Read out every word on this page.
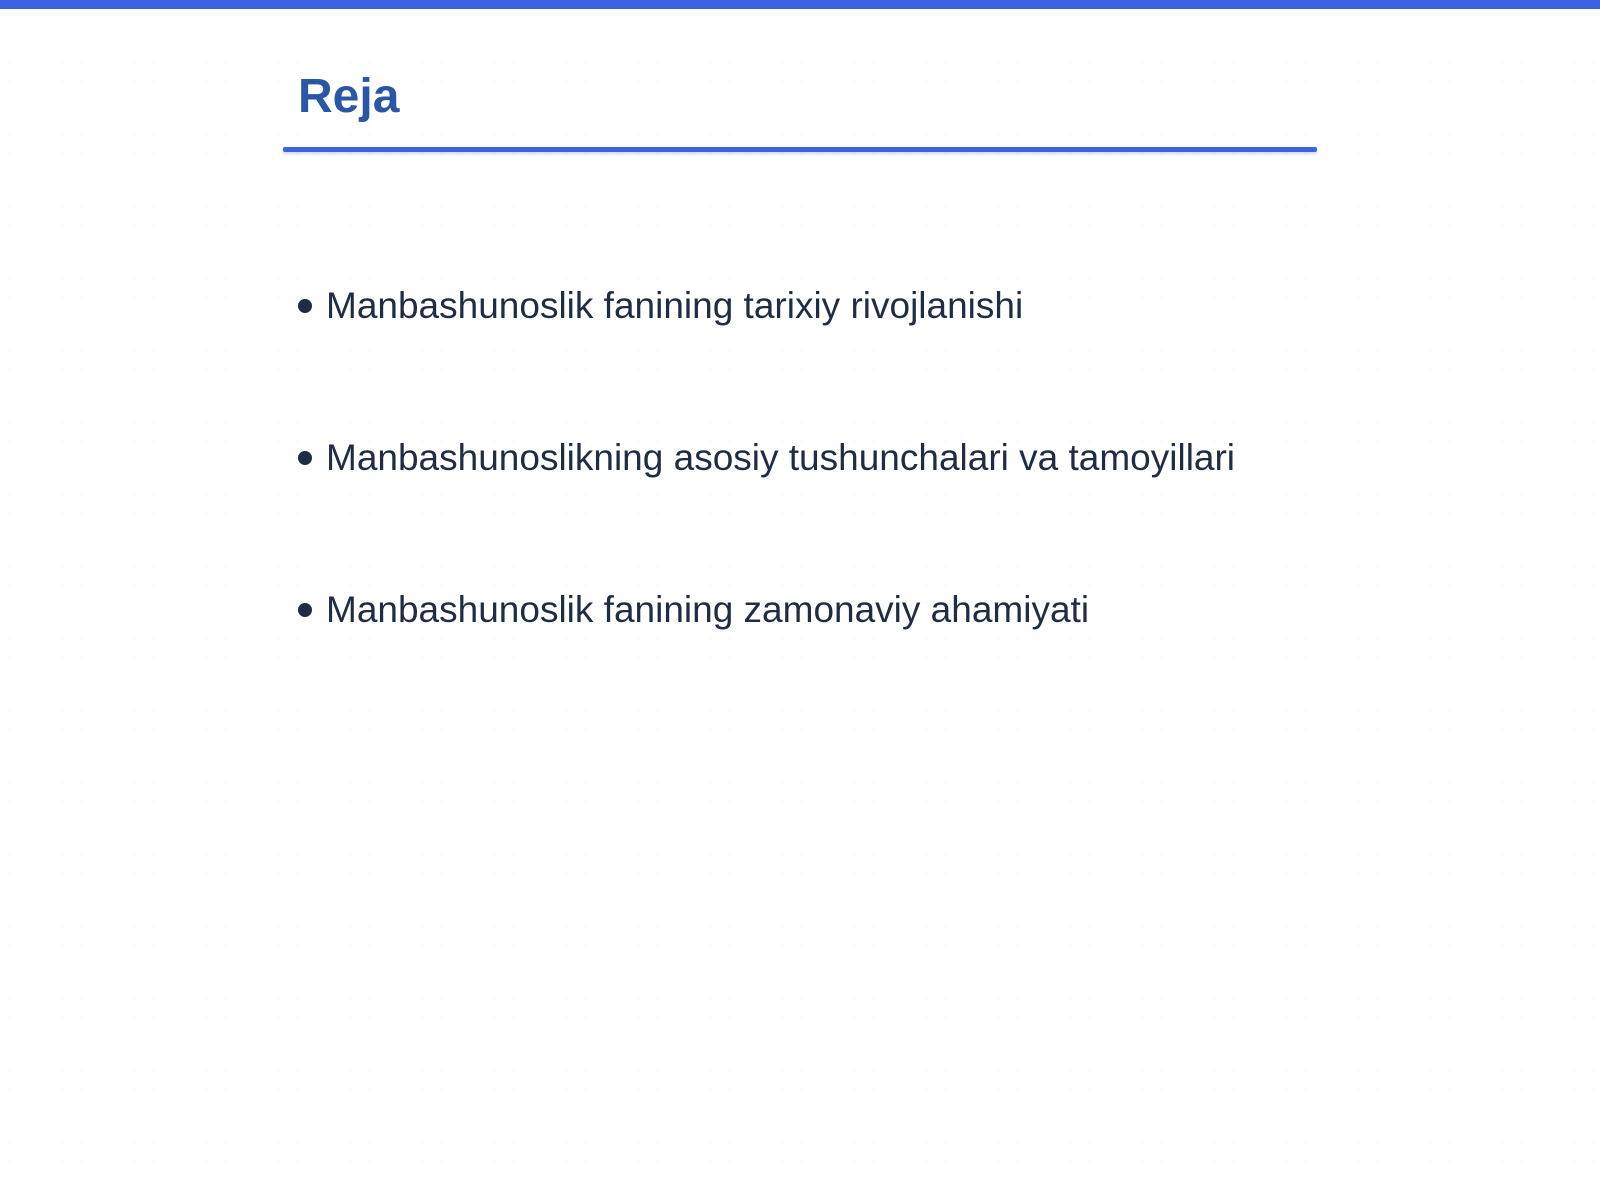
Reja
Manbashunoslik fanining tarixiy rivojlanishi
Manbashunoslikning asosiy tushunchalari va tamoyillari
Manbashunoslik fanining zamonaviy ahamiyati
